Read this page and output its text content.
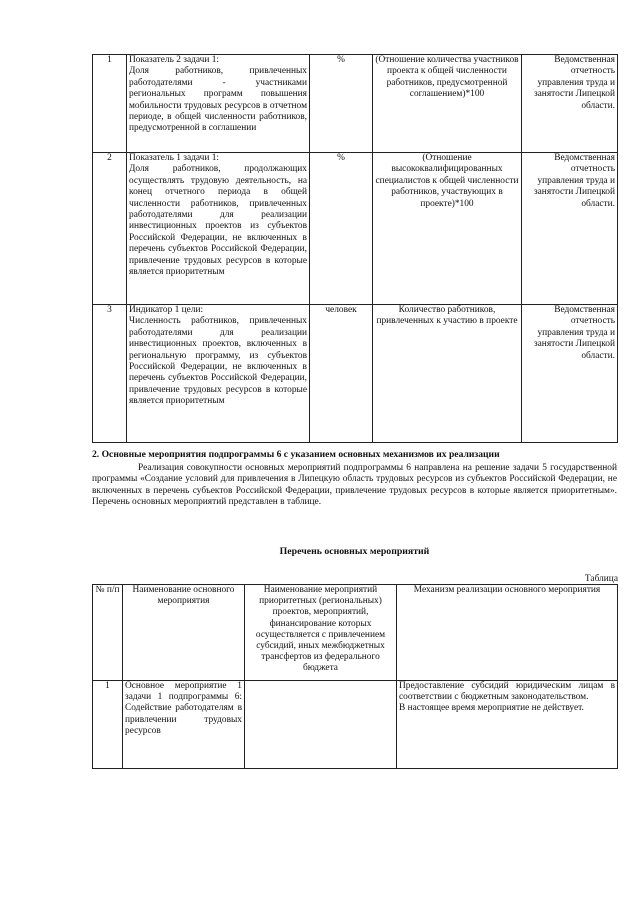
1	Показатель 2 задачи 1:
Доля работников, привлеченных работодателями - участниками региональных программ повышения мобильности трудовых ресурсов в отчетном периоде, в общей численности работников, предусмотренной в соглашении	%	(Отношение количества участников проекта к общей численности работников, предусмотренной соглашением)*100	Ведомственная отчетность управления труда и занятости Липецкой области.
2	Показатель 1 задачи 1:
Доля работников, продолжающих осуществлять трудовую деятельность, на конец отчетного периода в общей численности работников, привлеченных работодателями для реализации инвестиционных проектов из субъектов Российской Федерации, не включенных в перечень субъектов Российской Федерации, привлечение трудовых ресурсов в которые является приоритетным	%	(Отношение высококвалифицированных специалистов к общей численности работников, участвующих в проекте)*100	Ведомственная отчетность управления труда и занятости Липецкой области.
3	Индикатор 1 цели:
Численность работников, привлеченных работодателями для реализации инвестиционных проектов, включенных в региональную программу, из субъектов Российской Федерации, не включенных в перечень субъектов Российской Федерации, привлечение трудовых ресурсов в которые является приоритетным	человек	Количество работников, привлеченных к участию в проекте	Ведомственная отчетность управления труда и занятости Липецкой области.
2. Основные мероприятия подпрограммы 6 с указанием основных механизмов их реализации
Реализация совокупности основных мероприятий подпрограммы 6 направлена на решение задачи 5 государственной программы «Создание условий для привлечения в Липецкую область трудовых ресурсов из субъектов Российской Федерации, не включенных в перечень субъектов Российской Федерации, привлечение трудовых ресурсов в которые является приоритетным». Перечень основных мероприятий представлен в таблице.
Перечень основных мероприятий
Таблица
№ п/п	Наименование основного мероприятия	Наименование мероприятий приоритетных (региональных) проектов, мероприятий, финансирование которых осуществляется с привлечением субсидий, иных межбюджетных трансфертов из федерального бюджета	Механизм реализации основного мероприятия
1	Основное мероприятие 1 задачи 1 подпрограммы 6: Содействие работодателям в привлечении трудовых ресурсов		Предоставление субсидий юридическим лицам в соответствии с бюджетным законодательством.
В настоящее время мероприятие не действует.
